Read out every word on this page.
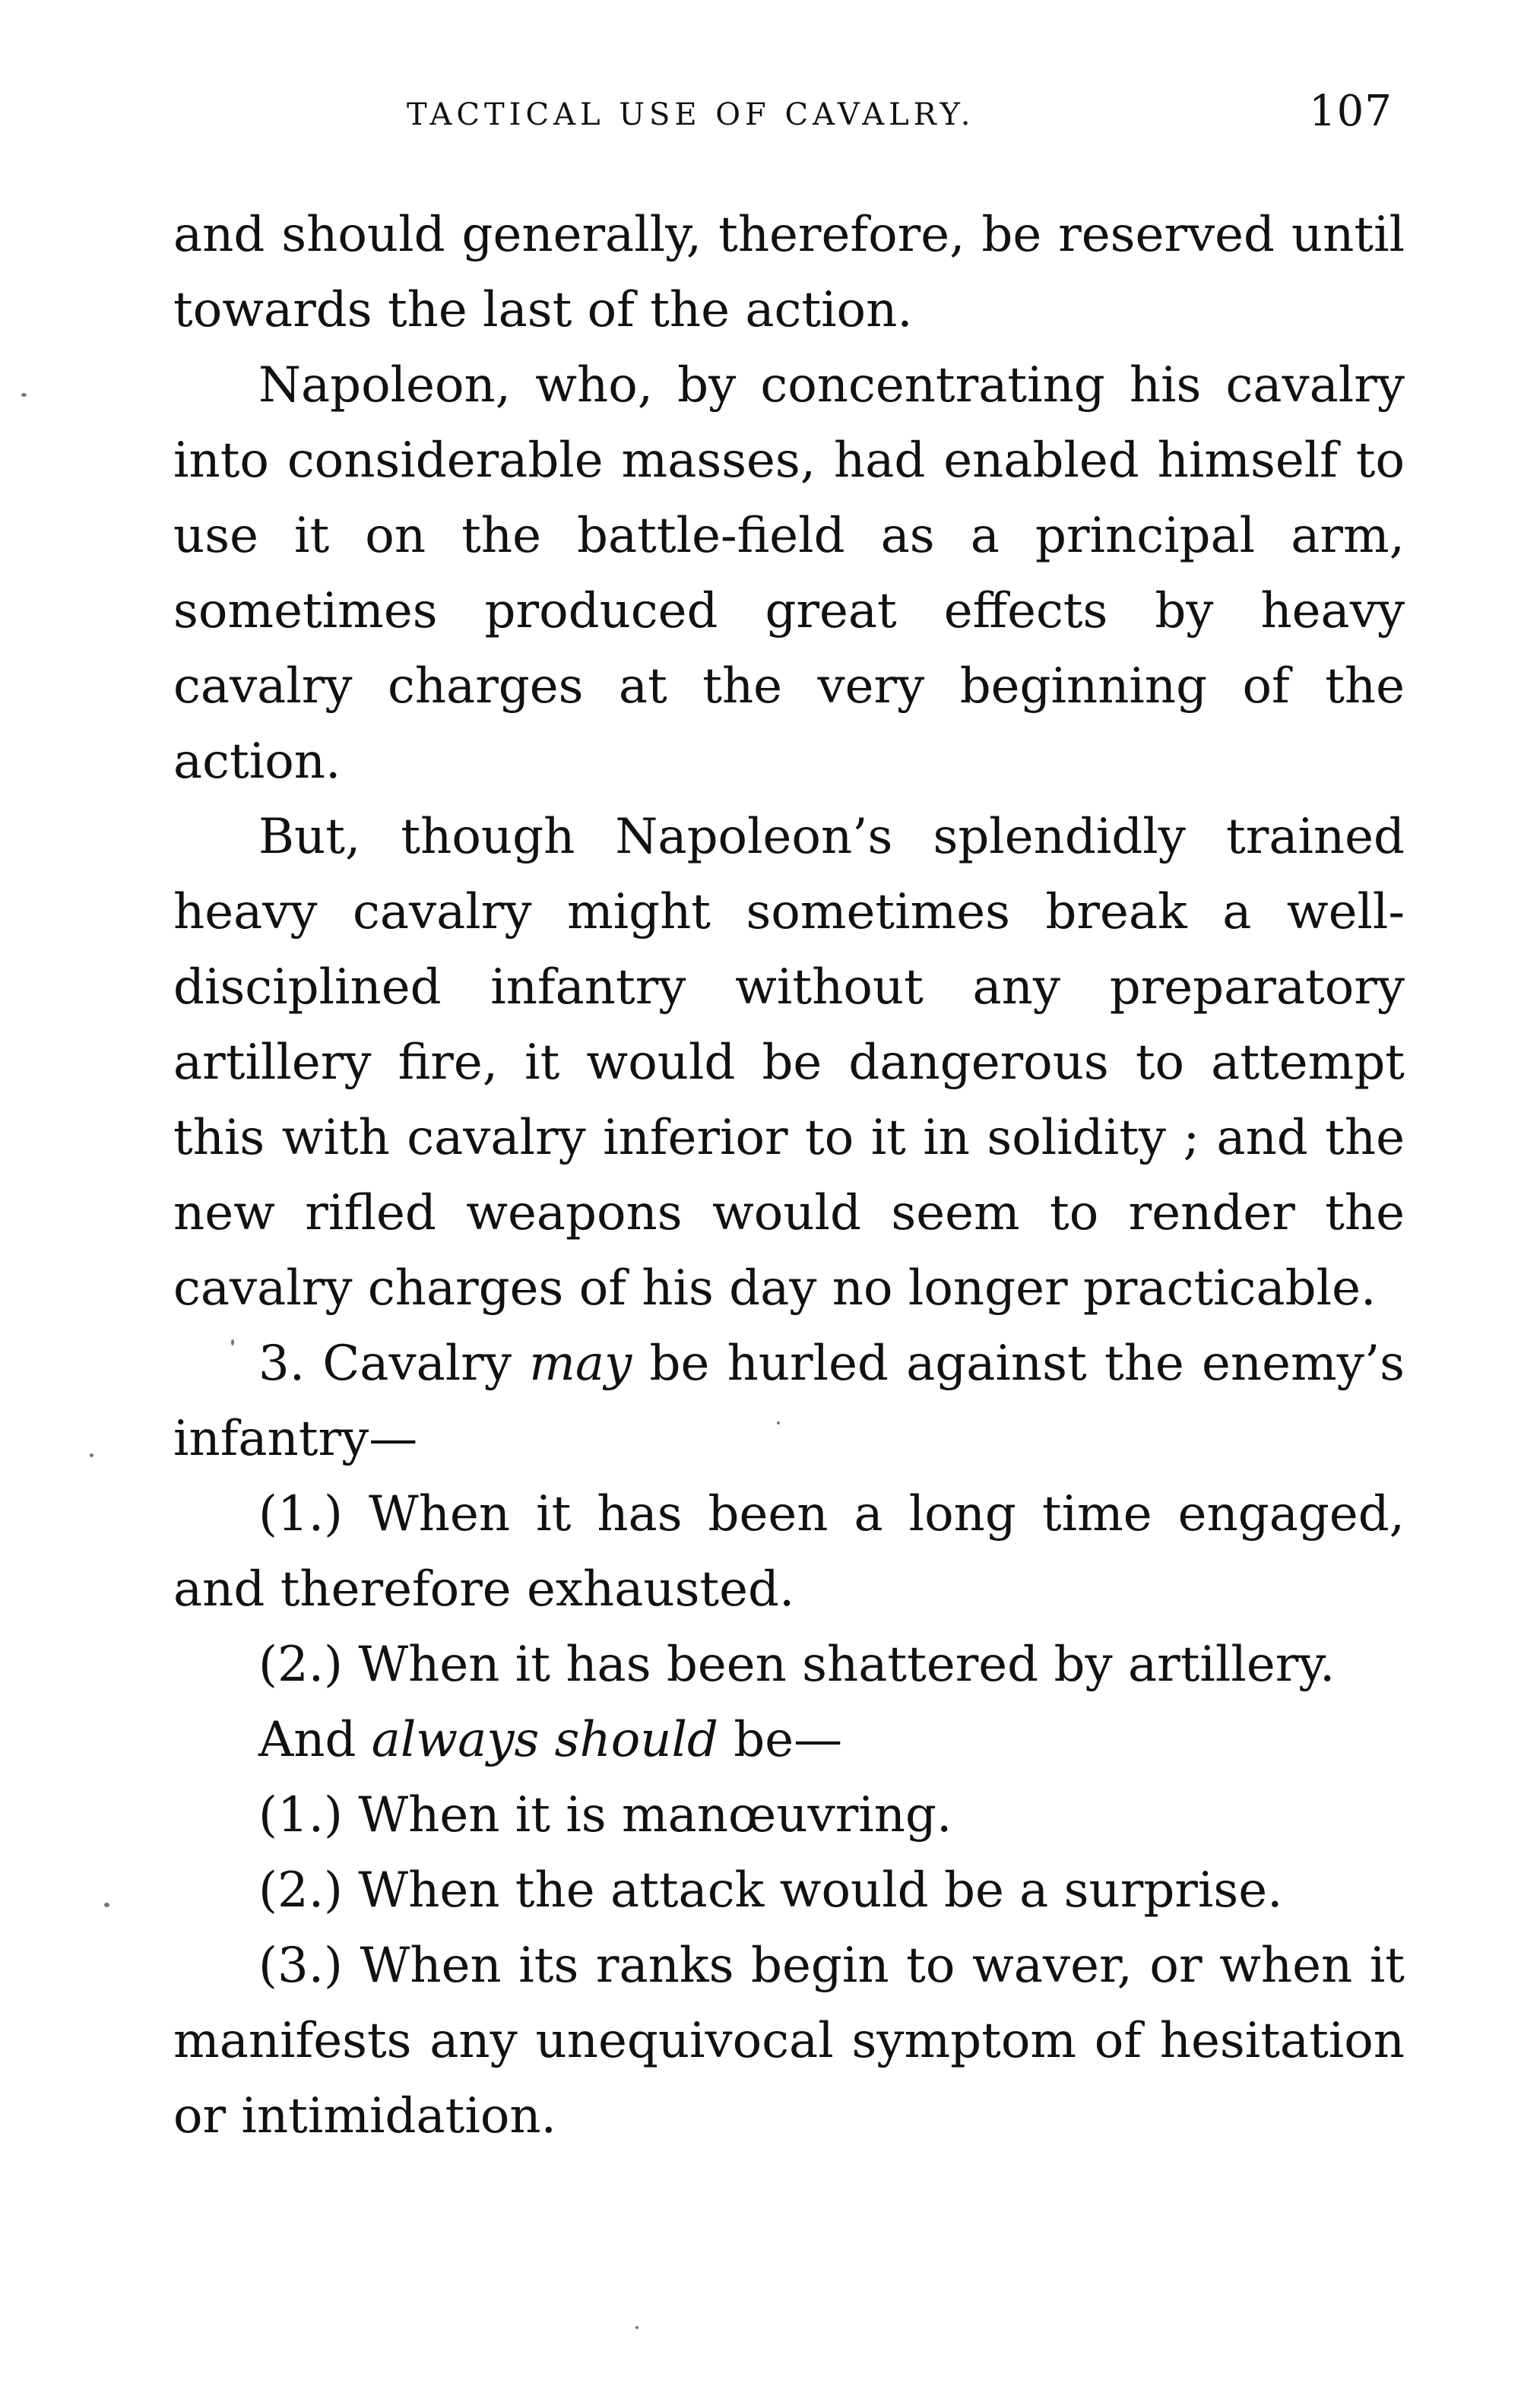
TACTICAL USE OF CAVALRY.	107

and should generally, therefore, be reserved until towards the last of the action.

Napoleon, who, by concentrating his cavalry into considerable masses, had enabled himself to use it on the battle-field as a principal arm, sometimes produced great effects by heavy cavalry charges at the very beginning of the action.

But, though Napoleon’s splendidly trained heavy cavalry might sometimes break a well-disciplined infantry without any preparatory artillery fire, it would be dangerous to attempt this with cavalry inferior to it in solidity ; and the new rifled weapons would seem to render the cavalry charges of his day no longer practicable.

3. Cavalry may be hurled against the enemy’s infantry—

(1.) When it has been a long time engaged, and therefore exhausted.

(2.) When it has been shattered by artillery.

And always should be—

(1.) When it is manœuvring.

(2.) When the attack would be a surprise.

(3.) When its ranks begin to waver, or when it manifests any unequivocal symptom of hesitation or intimidation.
